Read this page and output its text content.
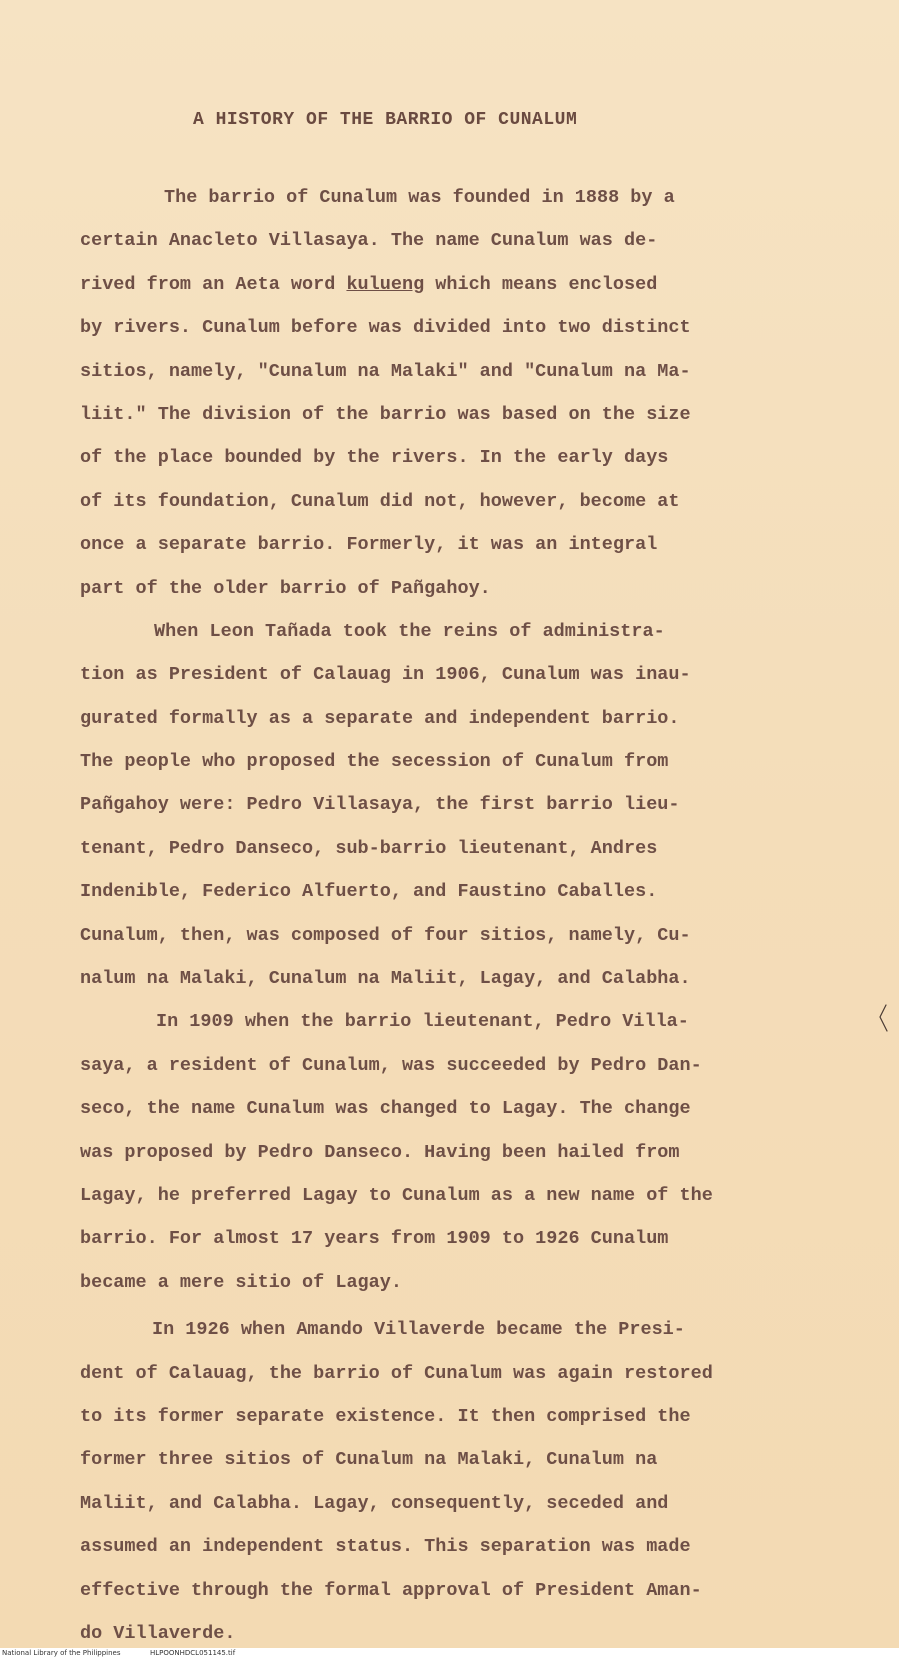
A HISTORY OF THE BARRIO OF CUNALUM
The barrio of Cunalum was founded in 1888 by a
certain Anacleto Villasaya. The name Cunalum was de-
rived from an Aeta word kulueng which means enclosed
by rivers. Cunalum before was divided into two distinct
sitios, namely, "Cunalum na Malaki" and "Cunalum na Ma-
liit." The division of the barrio was based on the size
of the place bounded by the rivers. In the early days
of its foundation, Cunalum did not, however, become at
once a separate barrio. Formerly, it was an integral
part of the older barrio of Pañgahoy.
When Leon Tañada took the reins of administra-
tion as President of Calauag in 1906, Cunalum was inau-
gurated formally as a separate and independent barrio.
The people who proposed the secession of Cunalum from
Pañgahoy were: Pedro Villasaya, the first barrio lieu-
tenant, Pedro Danseco, sub-barrio lieutenant, Andres
Indenible, Federico Alfuerto, and Faustino Caballes.
Cunalum, then, was composed of four sitios, namely, Cu-
nalum na Malaki, Cunalum na Maliit, Lagay, and Calabha.
In 1909 when the barrio lieutenant, Pedro Villa-
saya, a resident of Cunalum, was succeeded by Pedro Dan-
seco, the name Cunalum was changed to Lagay. The change
was proposed by Pedro Danseco. Having been hailed from
Lagay, he preferred Lagay to Cunalum as a new name of the
barrio. For almost 17 years from 1909 to 1926 Cunalum
became a mere sitio of Lagay.
In 1926 when Amando Villaverde became the Presi-
dent of Calauag, the barrio of Cunalum was again restored
to its former separate existence. It then comprised the
former three sitios of Cunalum na Malaki, Cunalum na
Maliit, and Calabha. Lagay, consequently, seceded and
assumed an independent status. This separation was made
effective through the formal approval of President Aman-
do Villaverde.
National Library of the Philippines	HLPOONHDCL051145.tif
